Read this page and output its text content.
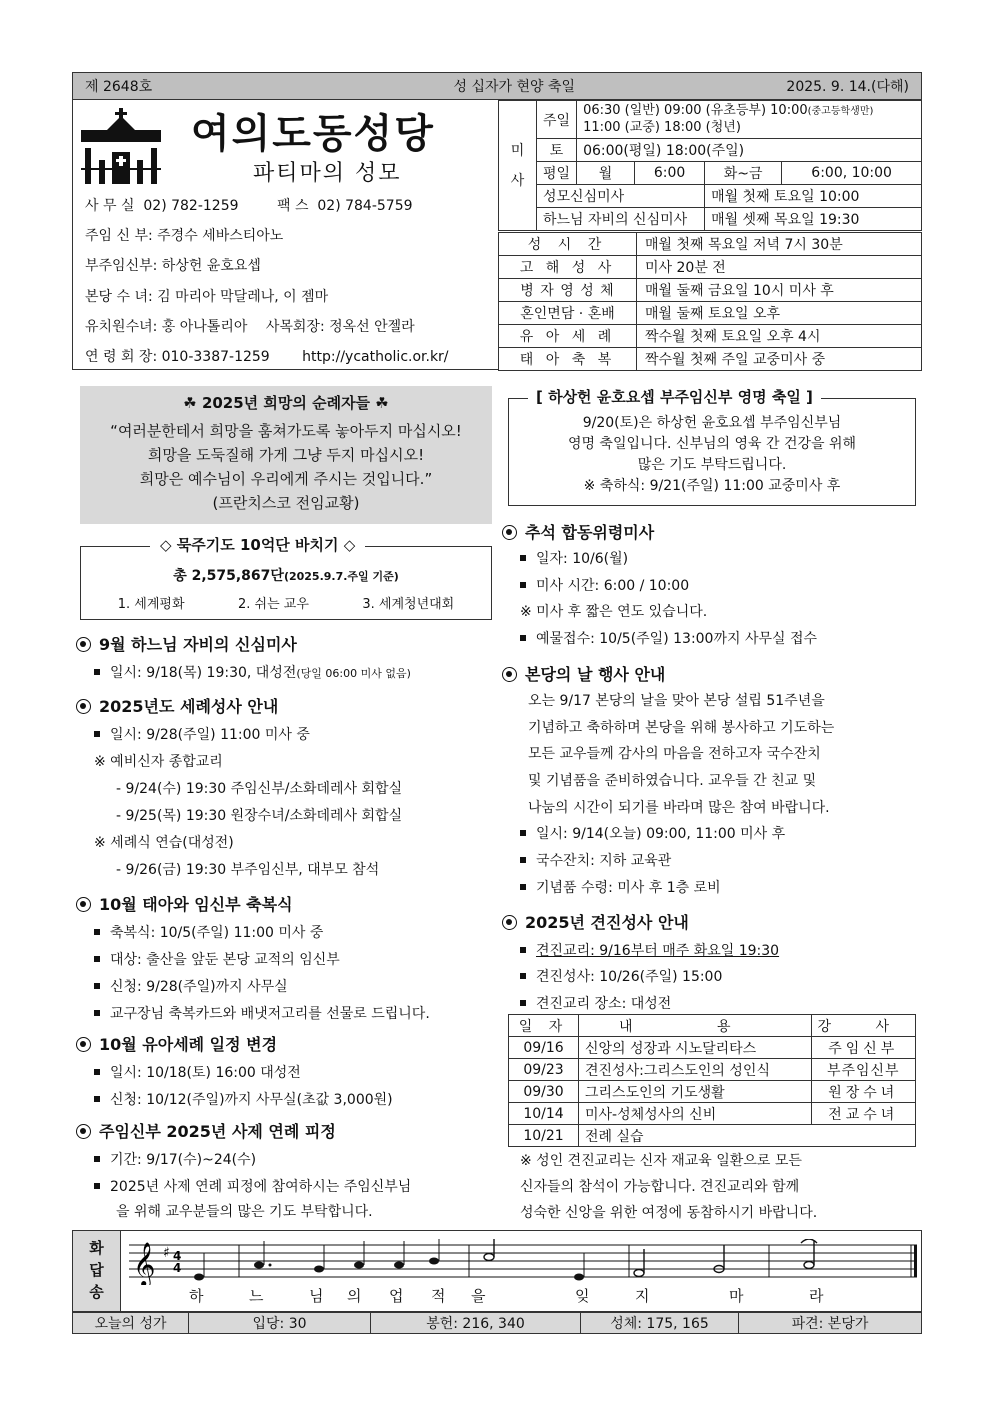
제 2648호	성 십자가 현양 축일	2025. 9. 14.(다해)
여의도동성당
파티마의 성모
사 무 실 02) 782-1259	팩 스 02) 784-5759
주임 신 부: 주경수 세바스티아노
부주임신부: 하상헌 윤호요셉
본당 수 녀: 김 마리아 막달레나, 이 젬마
유치원수녀: 홍 아나톨리아 사목회장: 정옥선 안젤라
연 령 회 장: 010-3387-1259 http://ycatholic.or.kr/
미
사	주일	06:30 (일반) 09:00 (유초등부) 10:00(중고등학생만)
11:00 (교중) 18:00 (청년)			
	토	06:00(평일) 18:00(주일)			
	평일	월	6:00	화~금	6:00, 10:00
	성모신심미사			매월 첫째 토요일 10:00	
	하느님 자비의 신심미사			매월 셋째 목요일 19:30	
성 시 간	매월 첫째 목요일 저녁 7시 30분
고 해 성 사	미사 20분 전
병 자 영 성 체	매월 둘째 금요일 10시 미사 후
혼인면담 · 혼배	매월 둘째 토요일 오후
유 아 세 례	짝수월 첫째 토요일 오후 4시
태 아 축 복	짝수월 첫째 주일 교중미사 중
☘ 2025년 희망의 순례자들 ☘
“여러분한테서 희망을 훔쳐가도록 놓아두지 마십시오!
희망을 도둑질해 가게 그냥 두지 마십시오!
희망은 예수님이 우리에게 주시는 것입니다.”
(프란치스코 전임교황)
총 2,575,867단(2025.9.7.주일 기준)
1. 세계평화	2. 쉬는 교우	3. 세계청년대회
◇ 묵주기도 10억단 바치기 ◇
9/20(토)은 하상헌 윤호요셉 부주임신부님
영명 축일입니다. 신부님의 영육 간 건강을 위해
많은 기도 부탁드립니다.
※ 축하식: 9/21(주일) 11:00 교중미사 후
[ 하상헌 윤호요셉 부주임신부 영명 축일 ]
9월 하느님 자비의 신심미사
일시: 9/18(목) 19:30, 대성전(당일 06:00 미사 없음)
2025년도 세례성사 안내
일시: 9/28(주일) 11:00 미사 중
※ 예비신자 종합교리
- 9/24(수) 19:30 주임신부/소화데레사 회합실
- 9/25(목) 19:30 원장수녀/소화데레사 회합실
※ 세례식 연습(대성전)
- 9/26(금) 19:30 부주임신부, 대부모 참석
10월 태아와 임신부 축복식
축복식: 10/5(주일) 11:00 미사 중
대상: 출산을 앞둔 본당 교적의 임신부
신청: 9/28(주일)까지 사무실
교구장님 축복카드와 배냇저고리를 선물로 드립니다.
10월 유아세례 일정 변경
일시: 10/18(토) 16:00 대성전
신청: 10/12(주일)까지 사무실(초값 3,000원)
주임신부 2025년 사제 연례 피정
기간: 9/17(수)~24(수)
2025년 사제 연례 피정에 참여하시는 주임신부님
을 위해 교우분들의 많은 기도 부탁합니다.
추석 합동위령미사
일자: 10/6(월)
미사 시간: 6:00 / 10:00
※ 미사 후 짧은 연도 있습니다.
예물접수: 10/5(주일) 13:00까지 사무실 접수
본당의 날 행사 안내
오는 9/17 본당의 날을 맞아 본당 설립 51주년을
기념하고 축하하며 본당을 위해 봉사하고 기도하는
모든 교우들께 감사의 마음을 전하고자 국수잔치
및 기념품을 준비하였습니다. 교우들 간 친교 및
나눔의 시간이 되기를 바라며 많은 참여 바랍니다.
일시: 9/14(오늘) 09:00, 11:00 미사 후
국수잔치: 지하 교육관
기념품 수령: 미사 후 1층 로비
2025년 견진성사 안내
견진교리: 9/16부터 매주 화요일 19:30
견진성사: 10/26(주일) 15:00
견진교리 장소: 대성전
일 자	내 용	강 사
09/16	신앙의 성장과 시노달리타스	주임신부
09/23	견진성사:그리스도인의 성인식	부주임신부
09/30	그리스도인의 기도생활	원장수녀
10/14	미사-성체성사의 신비	전교수녀
10/21	전례 실습	
※ 성인 견진교리는 신자 재교육 일환으로 모든
신자들의 참석이 가능합니다. 견진교리와 함께
성숙한 신앙을 위한 여정에 동참하시기 바랍니다.
화
답
송
𝄞 ♯ 4
4
하	느	님 의 업 적 을	잊	지	마	라
오늘의 성가	입당: 30	봉헌: 216, 340	성체: 175, 165	파견: 본당가
